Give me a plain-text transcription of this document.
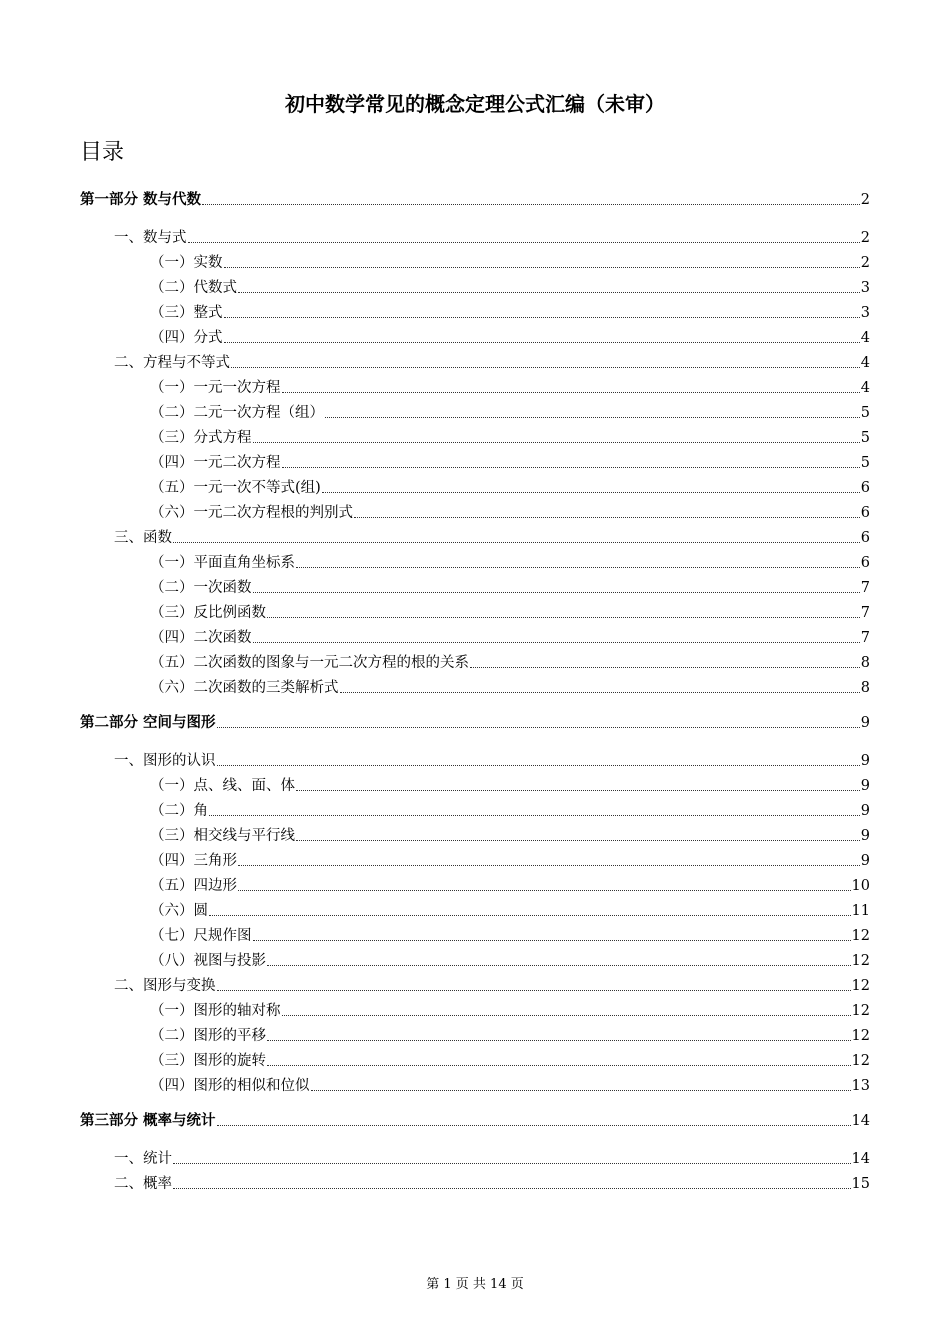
初中数学常见的概念定理公式汇编（未审）
目录
第一部分 数与代数	2
一、数与式	2
（一）实数	2
（二）代数式	3
（三）整式	3
（四）分式	4
二、方程与不等式	4
（一）一元一次方程	4
（二）二元一次方程（组）	5
（三）分式方程	5
（四）一元二次方程	5
（五）一元一次不等式(组)	6
（六）一元二次方程根的判别式	6
三、函数	6
（一）平面直角坐标系	6
（二）一次函数	7
（三）反比例函数	7
（四）二次函数	7
（五）二次函数的图象与一元二次方程的根的关系	8
（六）二次函数的三类解析式	8
第二部分 空间与图形	9
一、图形的认识	9
（一）点、线、面、体	9
（二）角	9
（三）相交线与平行线	9
（四）三角形	9
（五）四边形	10
（六）圆	11
（七）尺规作图	12
（八）视图与投影	12
二、图形与变换	12
（一）图形的轴对称	12
（二）图形的平移	12
（三）图形的旋转	12
（四）图形的相似和位似	13
第三部分 概率与统计	14
一、统计	14
二、概率	15
第 1 页 共 14 页
